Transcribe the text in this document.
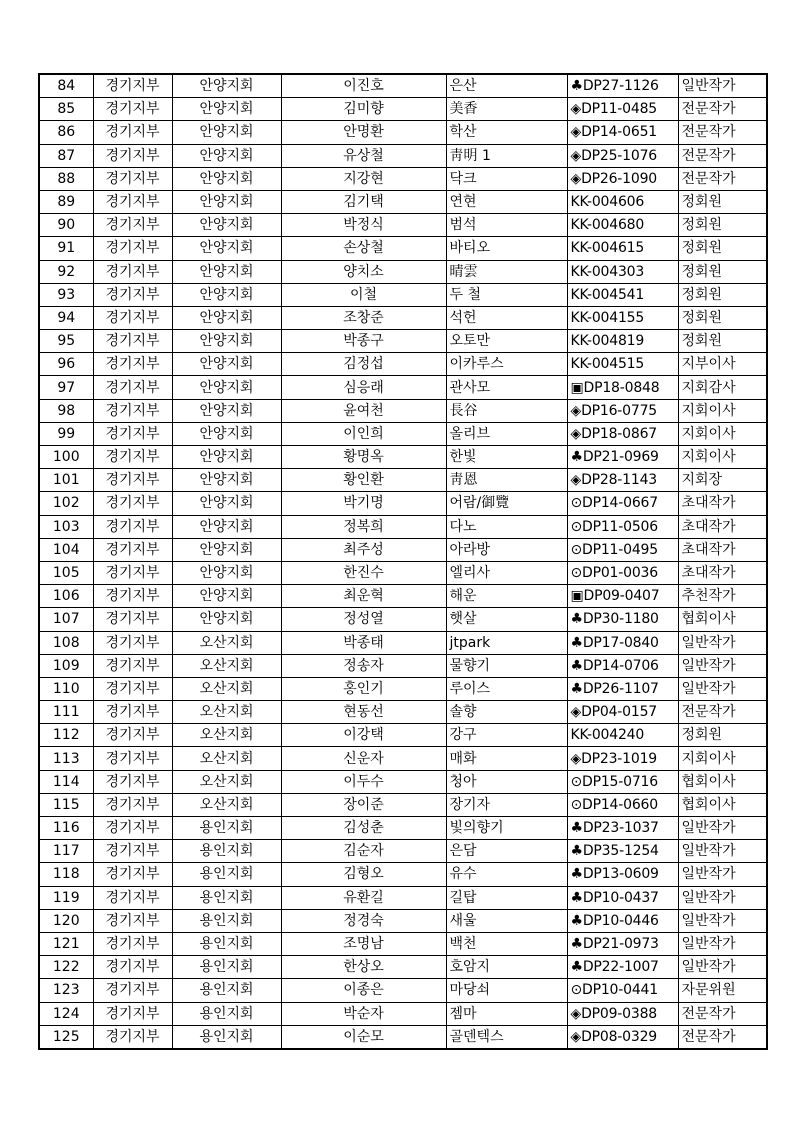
84	경기지부	안양지회	이진호	은산	♣DP27-1126	일반작가
85	경기지부	안양지회	김미향	美香	◈DP11-0485	전문작가
86	경기지부	안양지회	안명환	학산	◈DP14-0651	전문작가
87	경기지부	안양지회	유상철	靑明 1	◈DP25-1076	전문작가
88	경기지부	안양지회	지강현	닥크	◈DP26-1090	전문작가
89	경기지부	안양지회	김기택	연현	KK-004606	정회원
90	경기지부	안양지회	박정식	범석	KK-004680	정회원
91	경기지부	안양지회	손상철	바티오	KK-004615	정회원
92	경기지부	안양지회	양치소	晴雲	KK-004303	정회원
93	경기지부	안양지회	이철	두 철	KK-004541	정회원
94	경기지부	안양지회	조창준	석헌	KK-004155	정회원
95	경기지부	안양지회	박종구	오토만	KK-004819	정회원
96	경기지부	안양지회	김정섭	이카루스	KK-004515	지부이사
97	경기지부	안양지회	심응래	관사모	▣DP18-0848	지회감사
98	경기지부	안양지회	윤여천	長谷	◈DP16-0775	지회이사
99	경기지부	안양지회	이인희	올리브	◈DP18-0867	지회이사
100	경기지부	안양지회	황명옥	한빛	♣DP21-0969	지회이사
101	경기지부	안양지회	황인환	靑恩	◈DP28-1143	지회장
102	경기지부	안양지회	박기명	어람/御覽	⊙DP14-0667	초대작가
103	경기지부	안양지회	정복희	다노	⊙DP11-0506	초대작가
104	경기지부	안양지회	최주성	아라방	⊙DP11-0495	초대작가
105	경기지부	안양지회	한진수	엘리사	⊙DP01-0036	초대작가
106	경기지부	안양지회	최운혁	해운	▣DP09-0407	추천작가
107	경기지부	안양지회	정성열	햇살	♣DP30-1180	협회이사
108	경기지부	오산지회	박종태	jtpark	♣DP17-0840	일반작가
109	경기지부	오산지회	정송자	물향기	♣DP14-0706	일반작가
110	경기지부	오산지회	홍인기	루이스	♣DP26-1107	일반작가
111	경기지부	오산지회	현동선	솔향	◈DP04-0157	전문작가
112	경기지부	오산지회	이강택	강구	KK-004240	정회원
113	경기지부	오산지회	신운자	매화	◈DP23-1019	지회이사
114	경기지부	오산지회	이두수	청아	⊙DP15-0716	협회이사
115	경기지부	오산지회	장이준	장기자	⊙DP14-0660	협회이사
116	경기지부	용인지회	김성춘	빛의향기	♣DP23-1037	일반작가
117	경기지부	용인지회	김순자	은담	♣DP35-1254	일반작가
118	경기지부	용인지회	김형오	유수	♣DP13-0609	일반작가
119	경기지부	용인지회	유환길	길탑	♣DP10-0437	일반작가
120	경기지부	용인지회	정경숙	새울	♣DP10-0446	일반작가
121	경기지부	용인지회	조명남	백천	♣DP21-0973	일반작가
122	경기지부	용인지회	한상오	호암지	♣DP22-1007	일반작가
123	경기지부	용인지회	이종은	마당쇠	⊙DP10-0441	자문위원
124	경기지부	용인지회	박순자	젬마	◈DP09-0388	전문작가
125	경기지부	용인지회	이순모	골덴텍스	◈DP08-0329	전문작가
